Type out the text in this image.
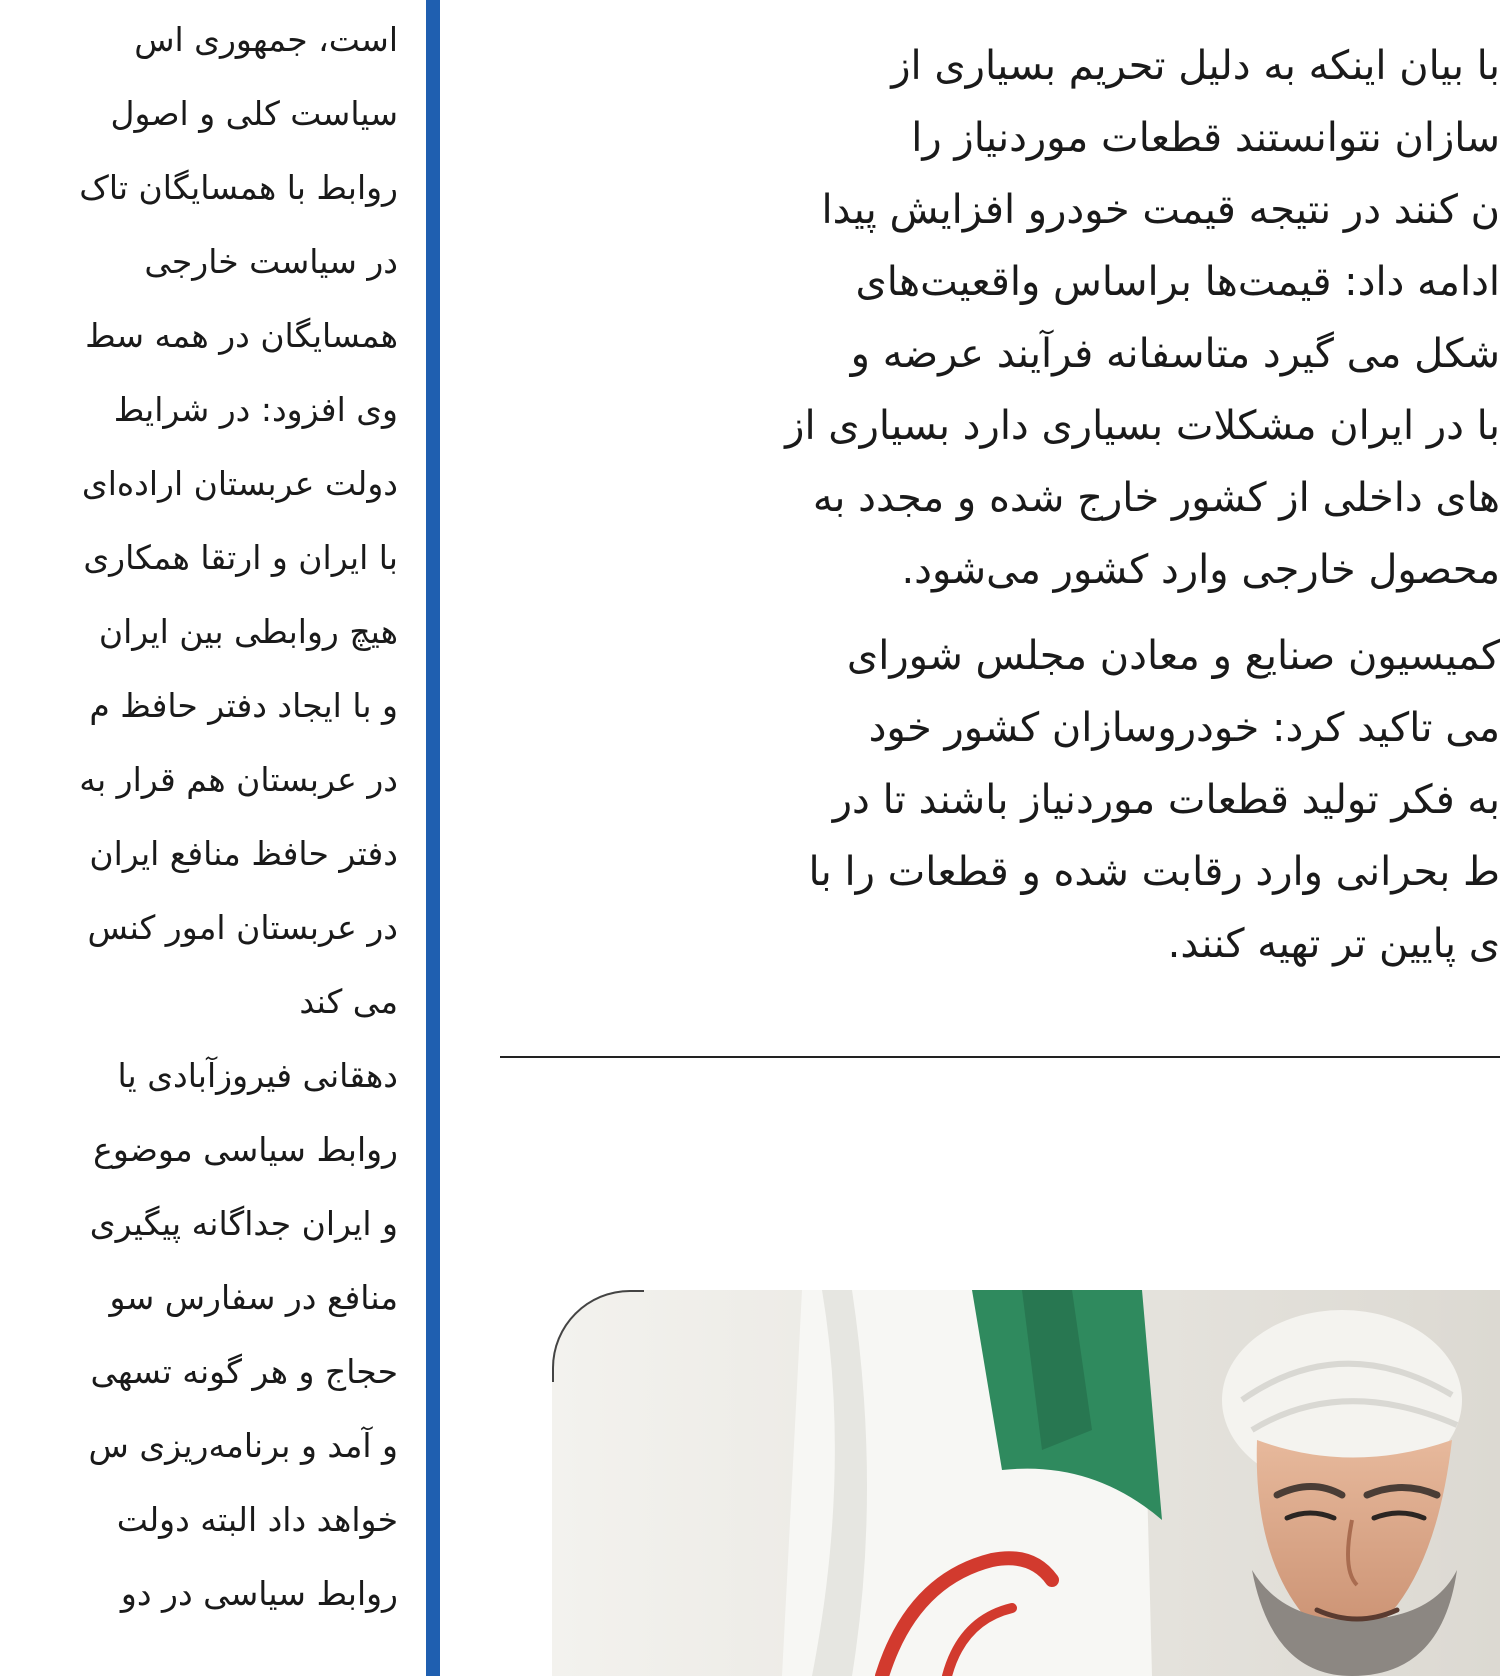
است، جمهوری اس
سیاست کلی و اصول
روابط با همسایگان تاک
در سیاست خارجی
همسایگان در همه سط
وی افزود: در شرایط
دولت عربستان اراده‌ای
با ایران و ارتقا همکاری
هیچ روابطی بین ایران
و با ایجاد دفتر حافظ م
در عربستان هم قرار به
دفتر حافظ منافع ایران
در عربستان امور کنس
می کند
دهقانی فیروزآبادی یا
روابط سیاسی موضوع
و ایران جداگانه پیگیری
منافع در سفارس سو
حجاج و هر گونه تسهی
و آمد و برنامه‌ریزی س
خواهد داد البته دولت
روابط سیاسی در دو
با بیان اینکه به دلیل تحریم بسیاری از
سازان نتوانستند قطعات موردنیاز را
ن کنند در نتیجه قیمت خودرو افزایش پیدا
ادامه داد: قیمت‌ها براساس واقعیت‌های
شکل می گیرد متاسفانه فرآیند عرضه و
با در ایران مشکلات بسیاری دارد بسیاری از
های داخلی از کشور خارج شده و مجدد به
محصول خارجی وارد کشور می‌شود.
کمیسیون صنایع و معادن مجلس شورای
می تاکید کرد: خودروسازان کشور خود
به فکر تولید قطعات موردنیاز باشند تا در
ط بحرانی وارد رقابت شده و قطعات را با
ی پایین تر تهیه کنند.
